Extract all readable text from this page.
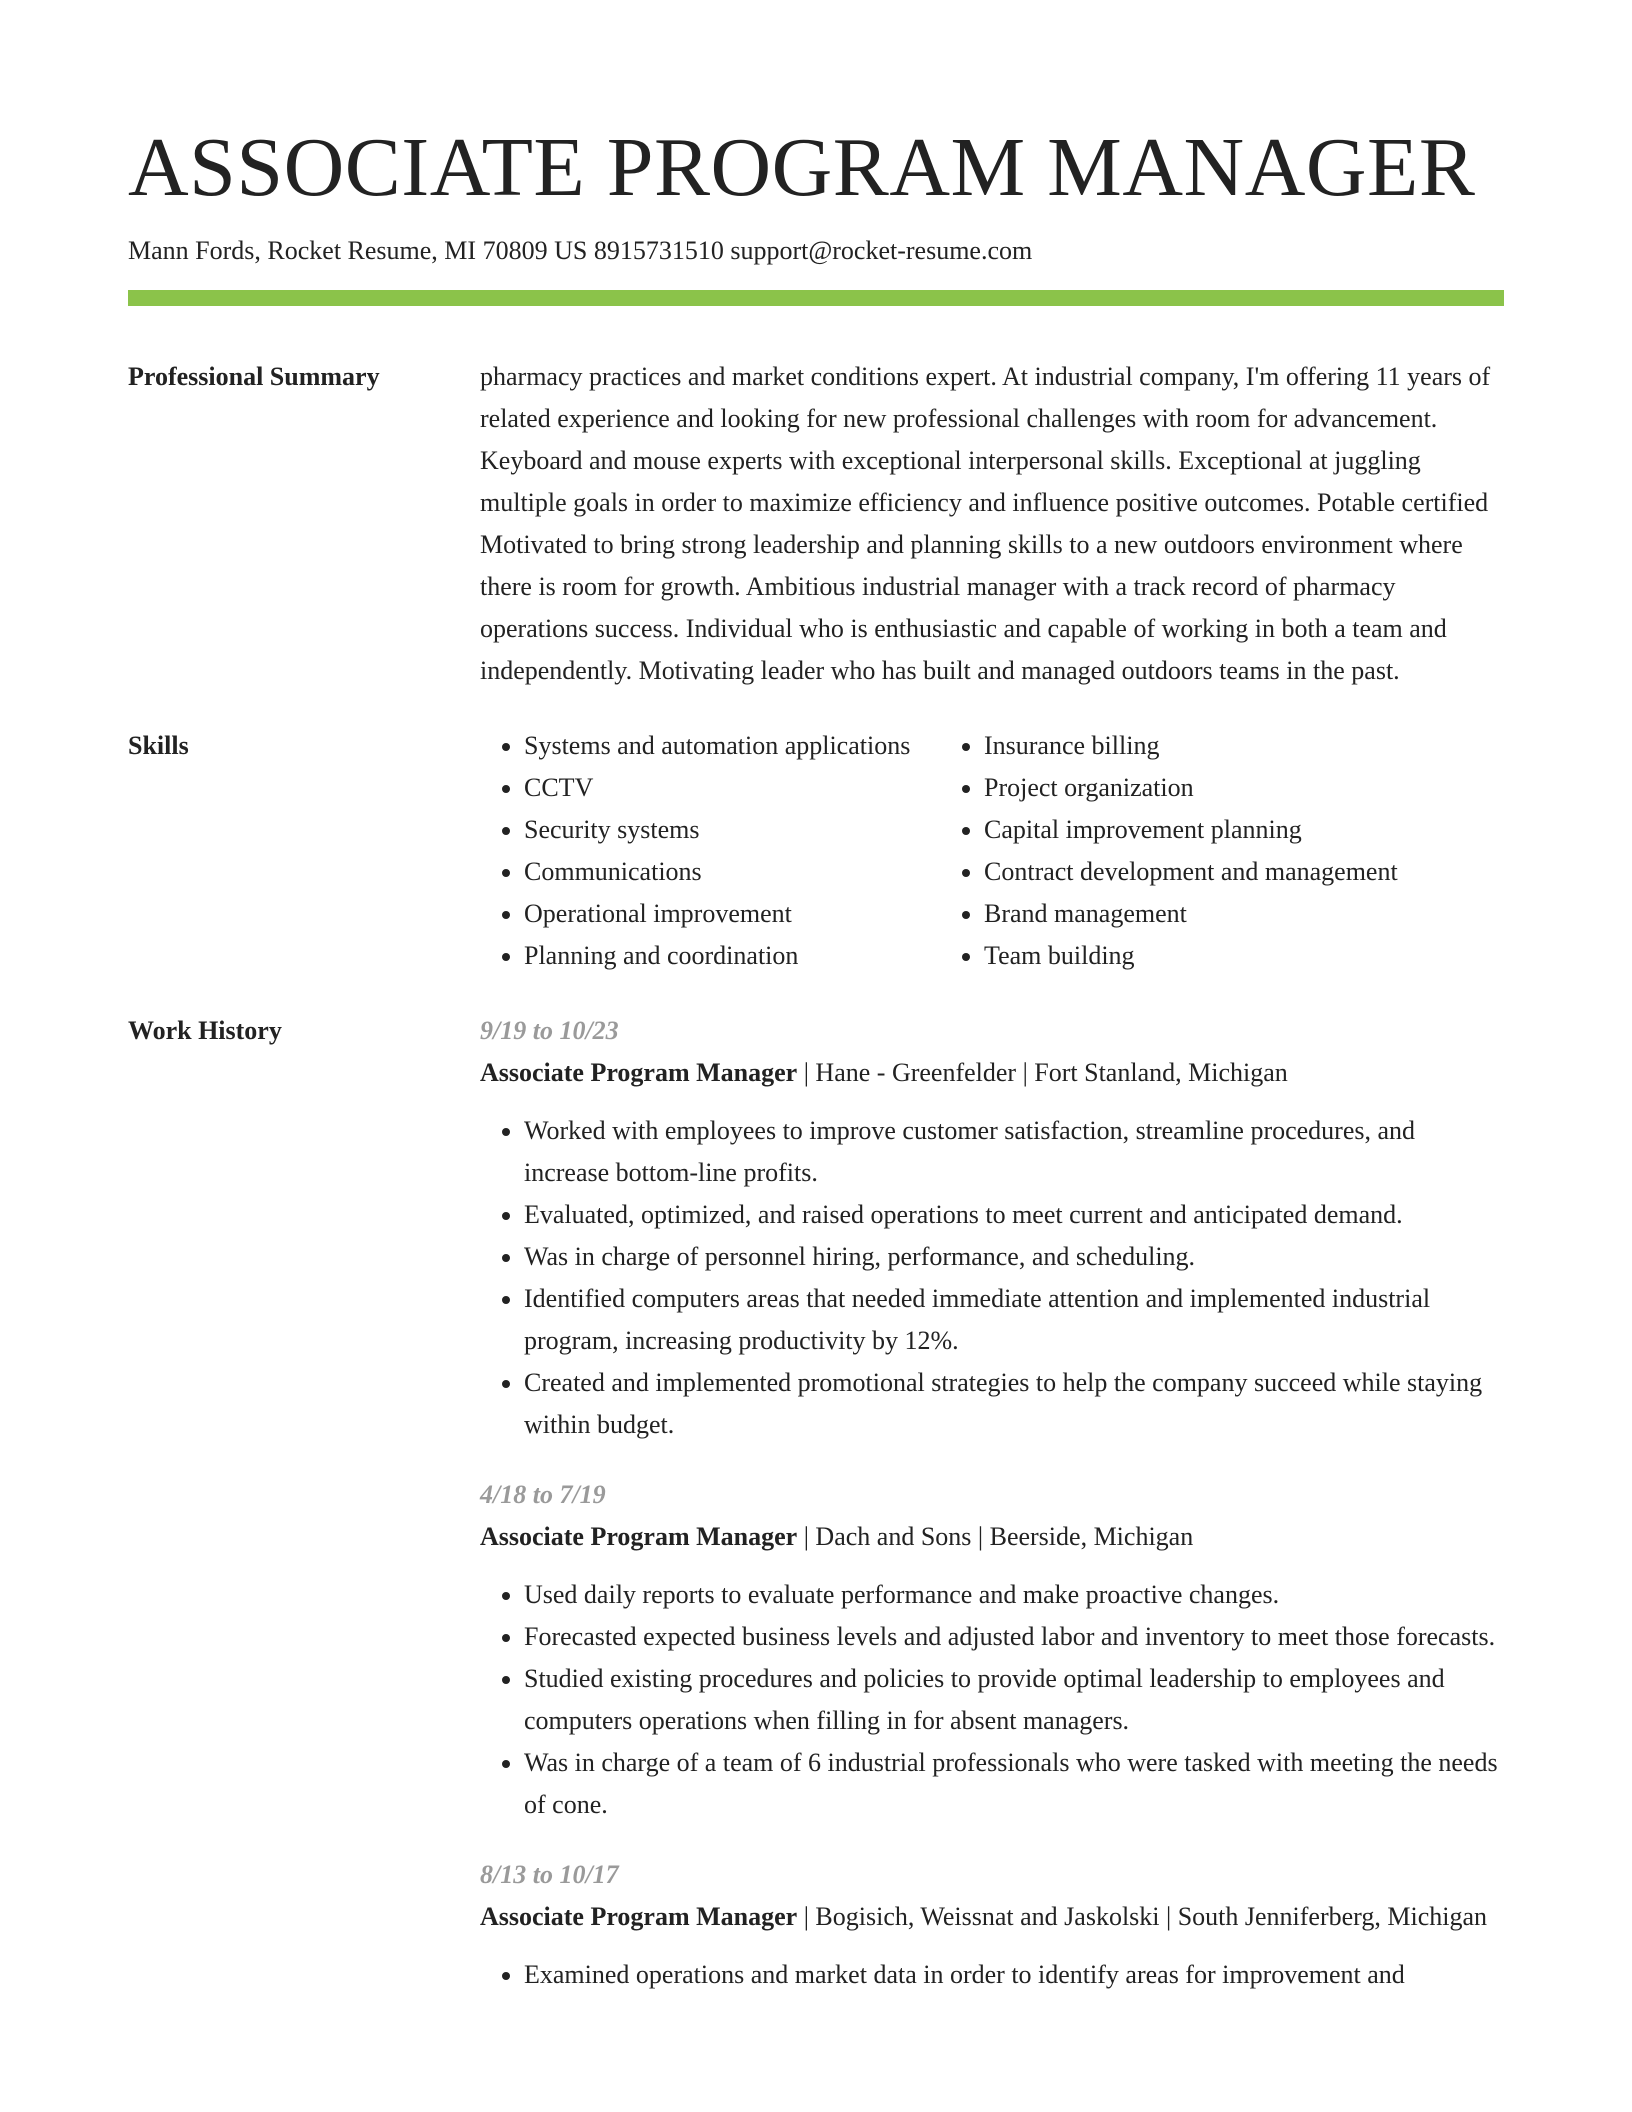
ASSOCIATE PROGRAM MANAGER
Mann Fords, Rocket Resume, MI 70809 US 8915731510 support@rocket-resume.com
Professional Summary	pharmacy practices and market conditions expert. At industrial company, I'm offering 11 years of related experience and looking for new professional challenges with room for advancement. Keyboard and mouse experts with exceptional interpersonal skills. Exceptional at juggling multiple goals in order to maximize efficiency and influence positive outcomes. Potable certified Motivated to bring strong leadership and planning skills to a new outdoors environment where there is room for growth. Ambitious industrial manager with a track record of pharmacy operations success. Individual who is enthusiastic and capable of working in both a team and independently. Motivating leader who has built and managed outdoors teams in the past.

Skills
•	Systems and automation applications
• CCTV
• Security systems
• Communications
• Operational improvement
• Planning and coordination
• Insurance billing
• Project organization
• Capital improvement planning
• Contract development and management
• Brand management
• Team building
Work History	9/19 to 10/23
Associate Program Manager | Hane - Greenfelder | Fort Stanland, Michigan
• Worked with employees to improve customer satisfaction, streamline procedures, and increase bottom-line profits.
• Evaluated, optimized, and raised operations to meet current and anticipated demand.
• Was in charge of personnel hiring, performance, and scheduling.
• Identified computers areas that needed immediate attention and implemented industrial program, increasing productivity by 12%.
• Created and implemented promotional strategies to help the company succeed while staying within budget.
4/18 to 7/19
Associate Program Manager | Dach and Sons | Beerside, Michigan
• Used daily reports to evaluate performance and make proactive changes.
• Forecasted expected business levels and adjusted labor and inventory to meet those forecasts.
• Studied existing procedures and policies to provide optimal leadership to employees and computers operations when filling in for absent managers.
• Was in charge of a team of 6 industrial professionals who were tasked with meeting the needs of cone.
8/13 to 10/17
Associate Program Manager | Bogisich, Weissnat and Jaskolski | South Jenniferberg, Michigan
• Examined operations and market data in order to identify areas for improvement and
